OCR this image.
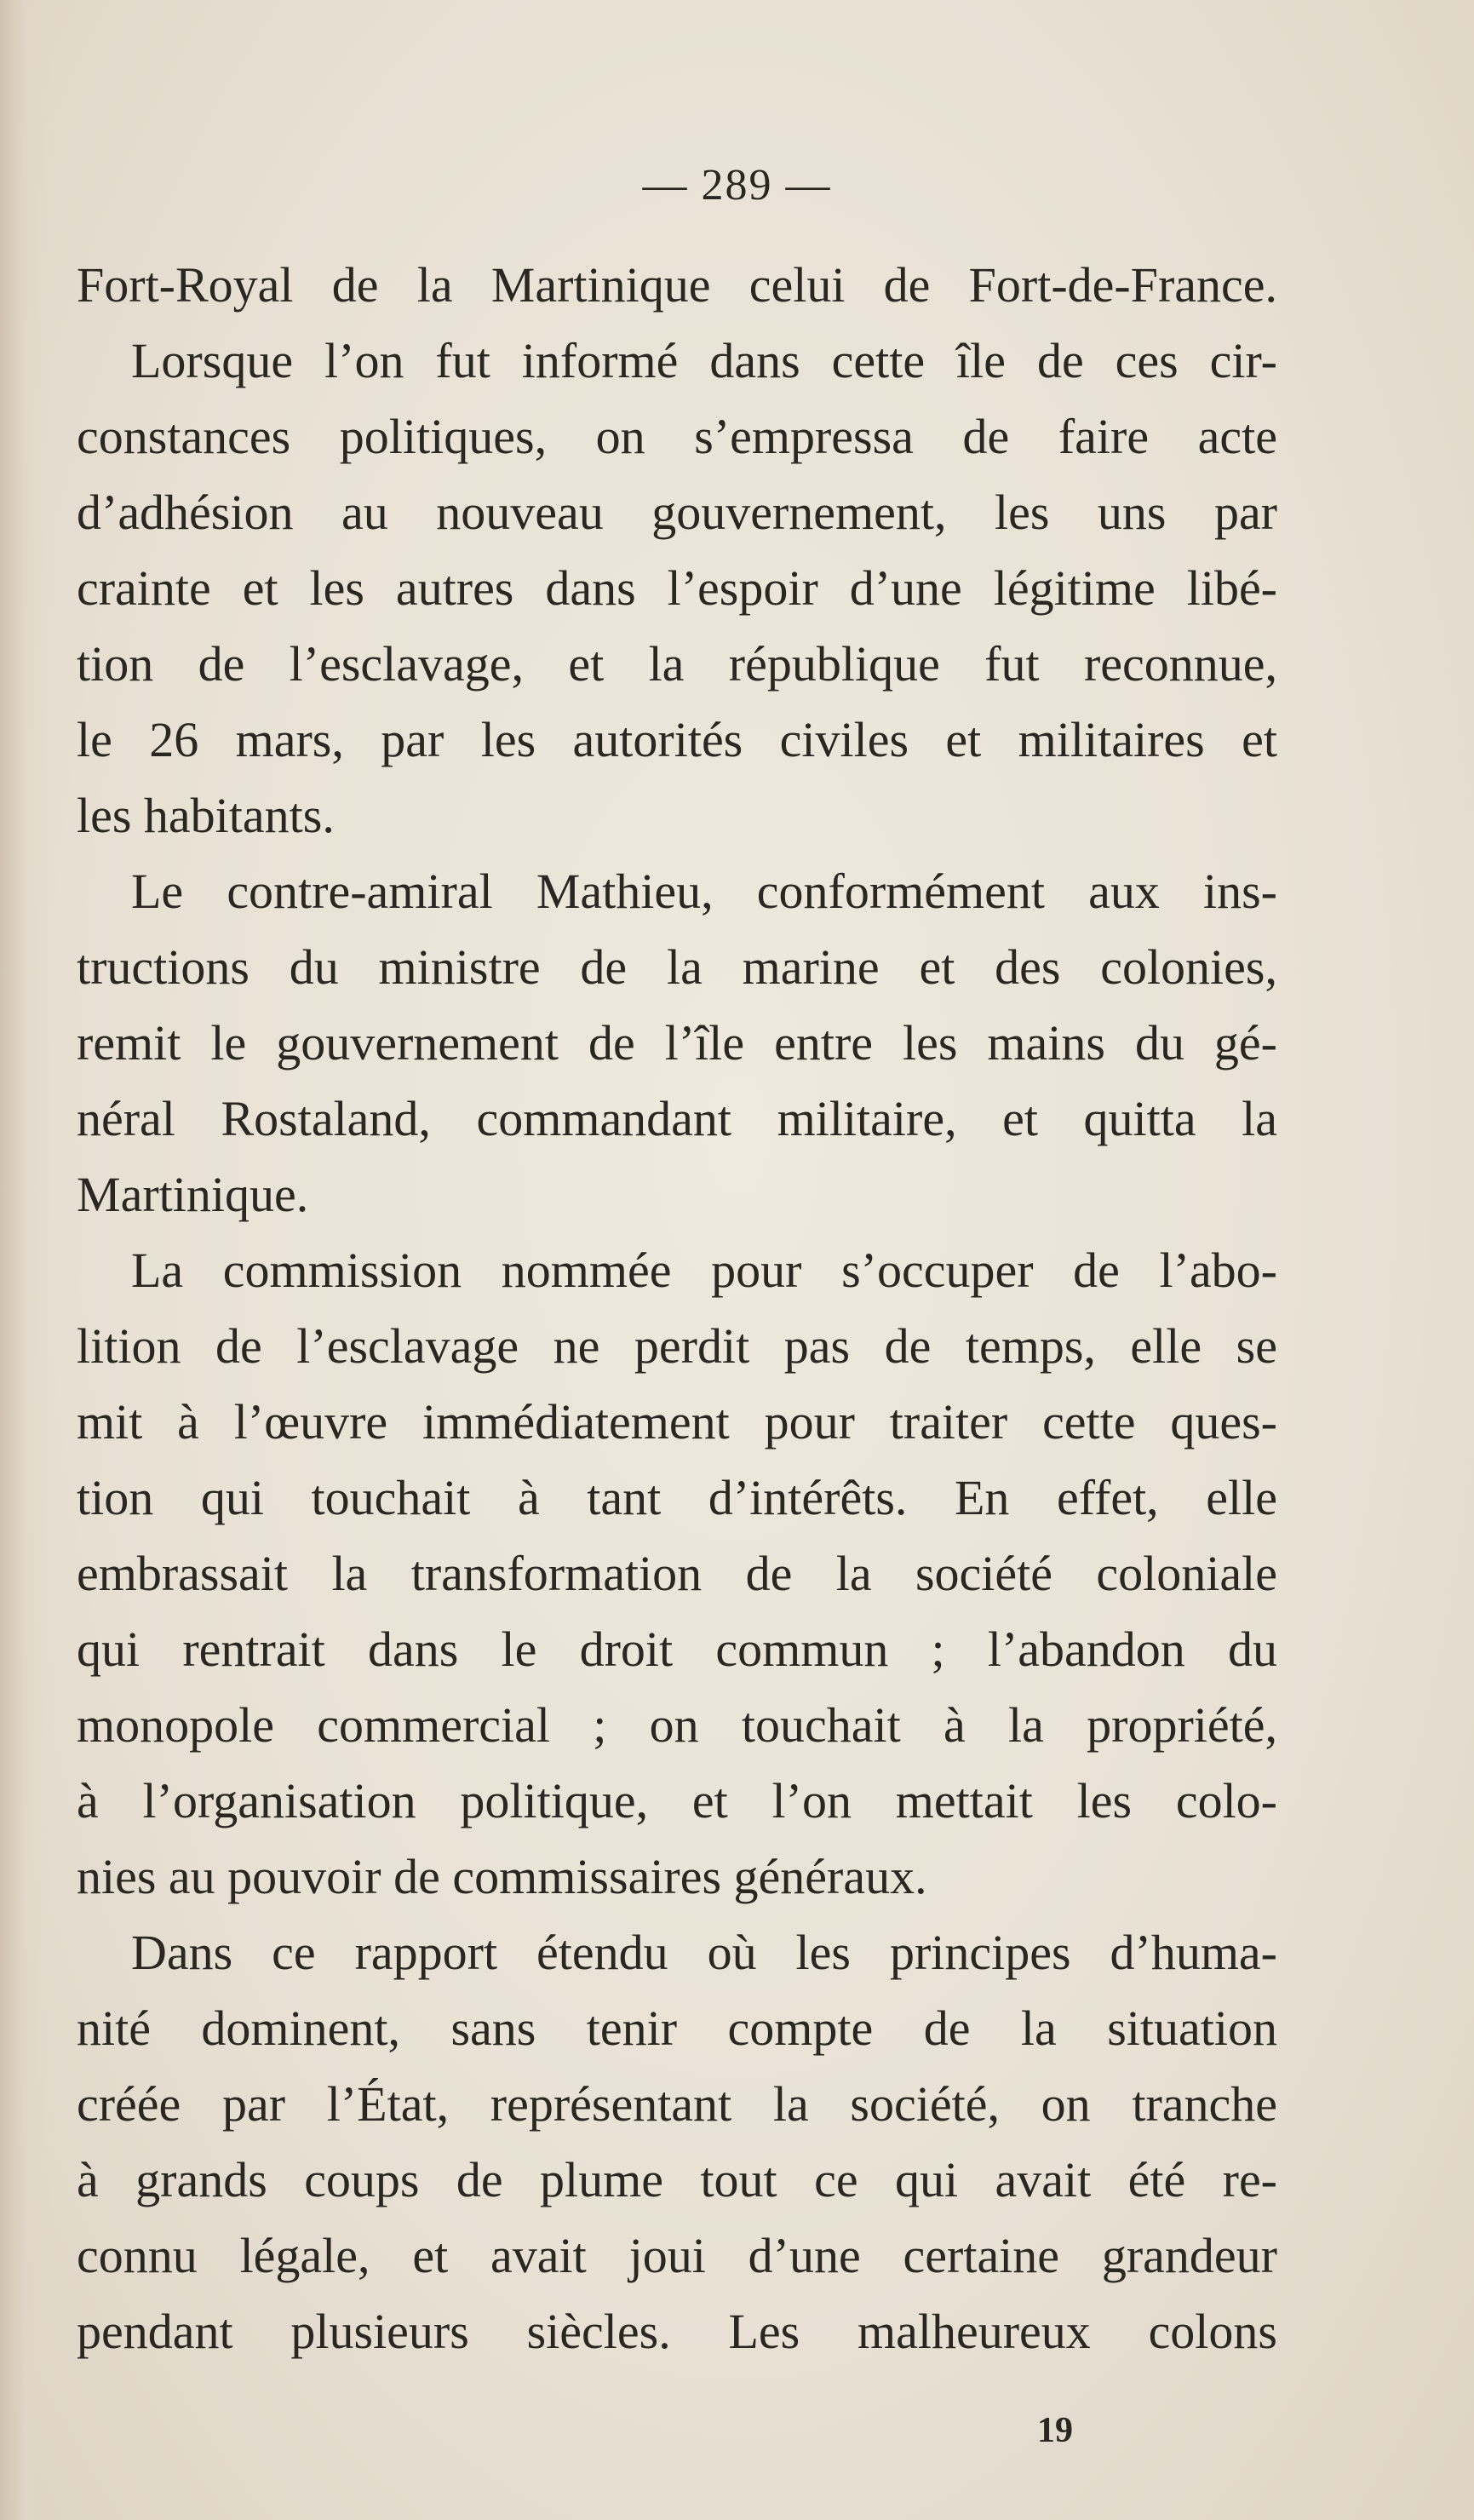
— 289 —
Fort-Royal de la Martinique celui de Fort-de-France.
Lorsque l’on fut informé dans cette île de ces cir-
constances politiques, on s’empressa de faire acte
d’adhésion au nouveau gouvernement, les uns par
crainte et les autres dans l’espoir d’une légitime libé-
tion de l’esclavage, et la république fut reconnue,
le 26 mars, par les autorités civiles et militaires et
les habitants.
Le contre-amiral Mathieu, conformément aux ins-
tructions du ministre de la marine et des colonies,
remit le gouvernement de l’île entre les mains du gé-
néral Rostaland, commandant militaire, et quitta la
Martinique.
La commission nommée pour s’occuper de l’abo-
lition de l’esclavage ne perdit pas de temps, elle se
mit à l’œuvre immédiatement pour traiter cette ques-
tion qui touchait à tant d’intérêts. En effet, elle
embrassait la transformation de la société coloniale
qui rentrait dans le droit commun ; l’abandon du
monopole commercial ; on touchait à la propriété,
à l’organisation politique, et l’on mettait les colo-
nies au pouvoir de commissaires généraux.
Dans ce rapport étendu où les principes d’huma-
nité dominent, sans tenir compte de la situation
créée par l’État, représentant la société, on tranche
à grands coups de plume tout ce qui avait été re-
connu légale, et avait joui d’une certaine grandeur
pendant plusieurs siècles. Les malheureux colons
19
